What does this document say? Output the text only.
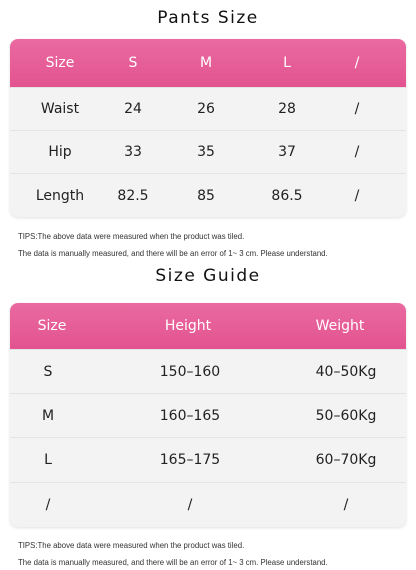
Pants Size
Size	S	M	L	/
Waist	24	26	28	/
Hip	33	35	37	/
Length	82.5	85	86.5	/
TIPS:The above data were measured when the product was tiled.
The data is manually measured, and there will be an error of 1~ 3 cm. Please understand.
Size Guide
Size	Height	Weight
S	150–160	40–50Kg
M	160–165	50–60Kg
L	165–175	60–70Kg
/	/	/
TIPS:The above data were measured when the product was tiled.
The data is manually measured, and there will be an error of 1~ 3 cm. Please understand.
